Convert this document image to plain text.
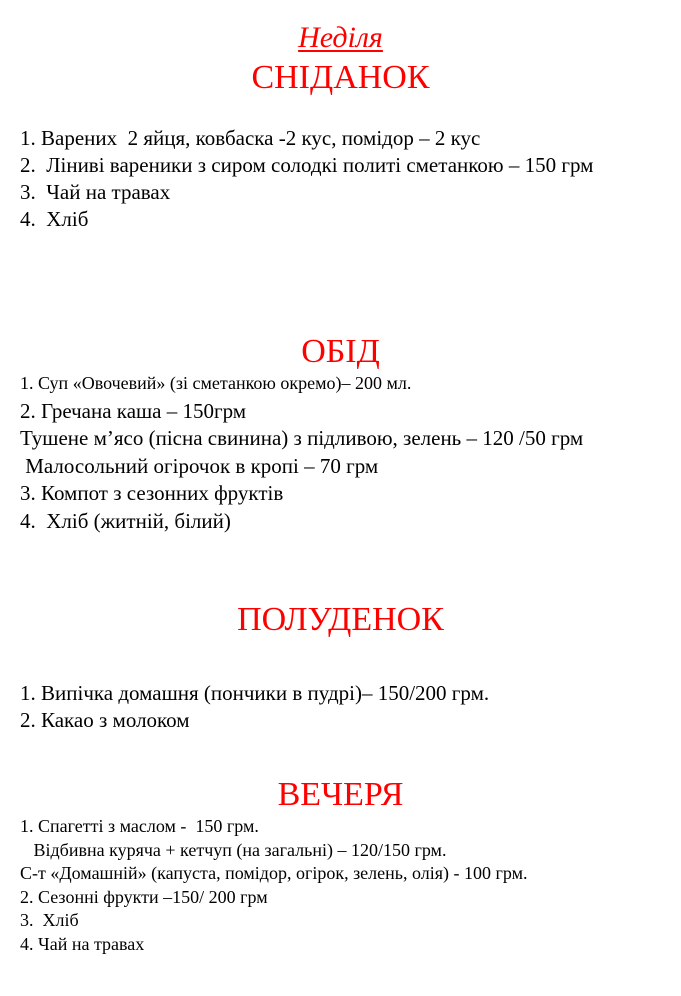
Неділя
СНІДАНОК
1. Варених  2 яйця, ковбаска -2 кус, помідор – 2 кус
2.  Ліниві вареники з сиром солодкі политі сметанкою – 150 грм
3.  Чай на травах
4.  Хліб
ОБІД
1. Суп «Овочевий» (зі сметанкою окремо)– 200 мл.
2. Гречана каша – 150грм
Тушене м’ясо (пісна свинина) з підливою, зелень – 120 /50 грм
Малосольний огірочок в кропі – 70 грм
3. Компот з сезонних фруктів
4.  Хліб (житній, білий)
ПОЛУДЕНОК
1. Випічка домашня (пончики в пудрі)– 150/200 грм.
2. Какао з молоком
ВЕЧЕРЯ
1. Спагетті з маслом -  150 грм.
Відбивна куряча + кетчуп (на загальні) – 120/150 грм.
С-т «Домашній» (капуста, помідор, огірок, зелень, олія) - 100 грм.
2. Сезонні фрукти –150/ 200 грм
3.  Хліб
4. Чай на травах
